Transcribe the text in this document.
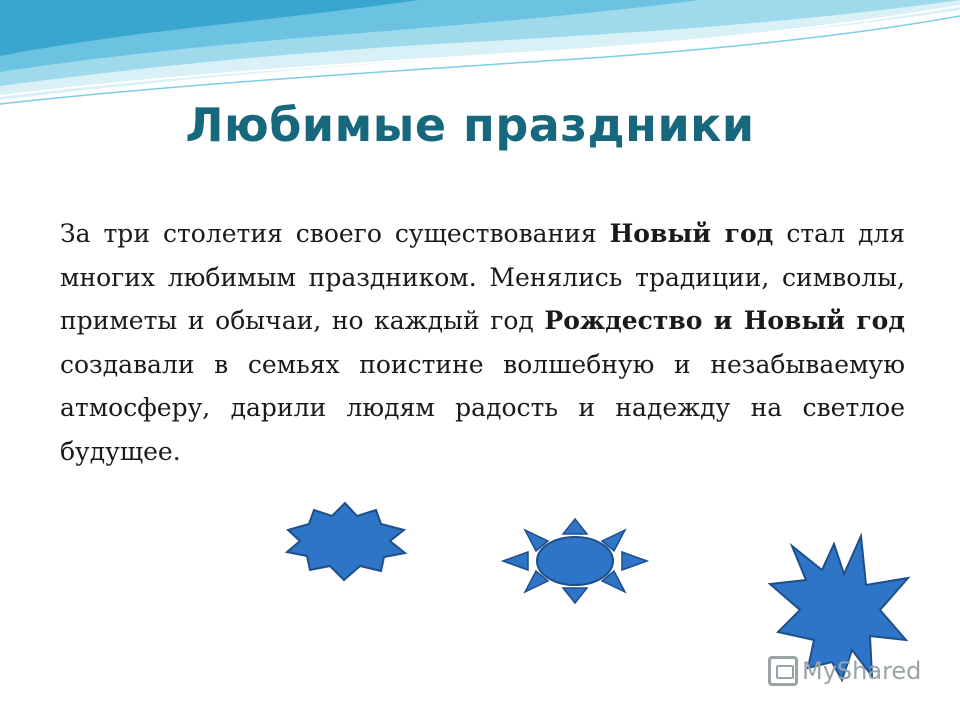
Любимые праздники
За три столетия своего существования Новый год стал для многих любимым праздником. Менялись традиции, символы, приметы и обычаи, но каждый год Рождество и Новый год создавали в семьях поистине волшебную и незабываемую атмосферу, дарили людям радость и надежду на светлое будущее.
MyShared
